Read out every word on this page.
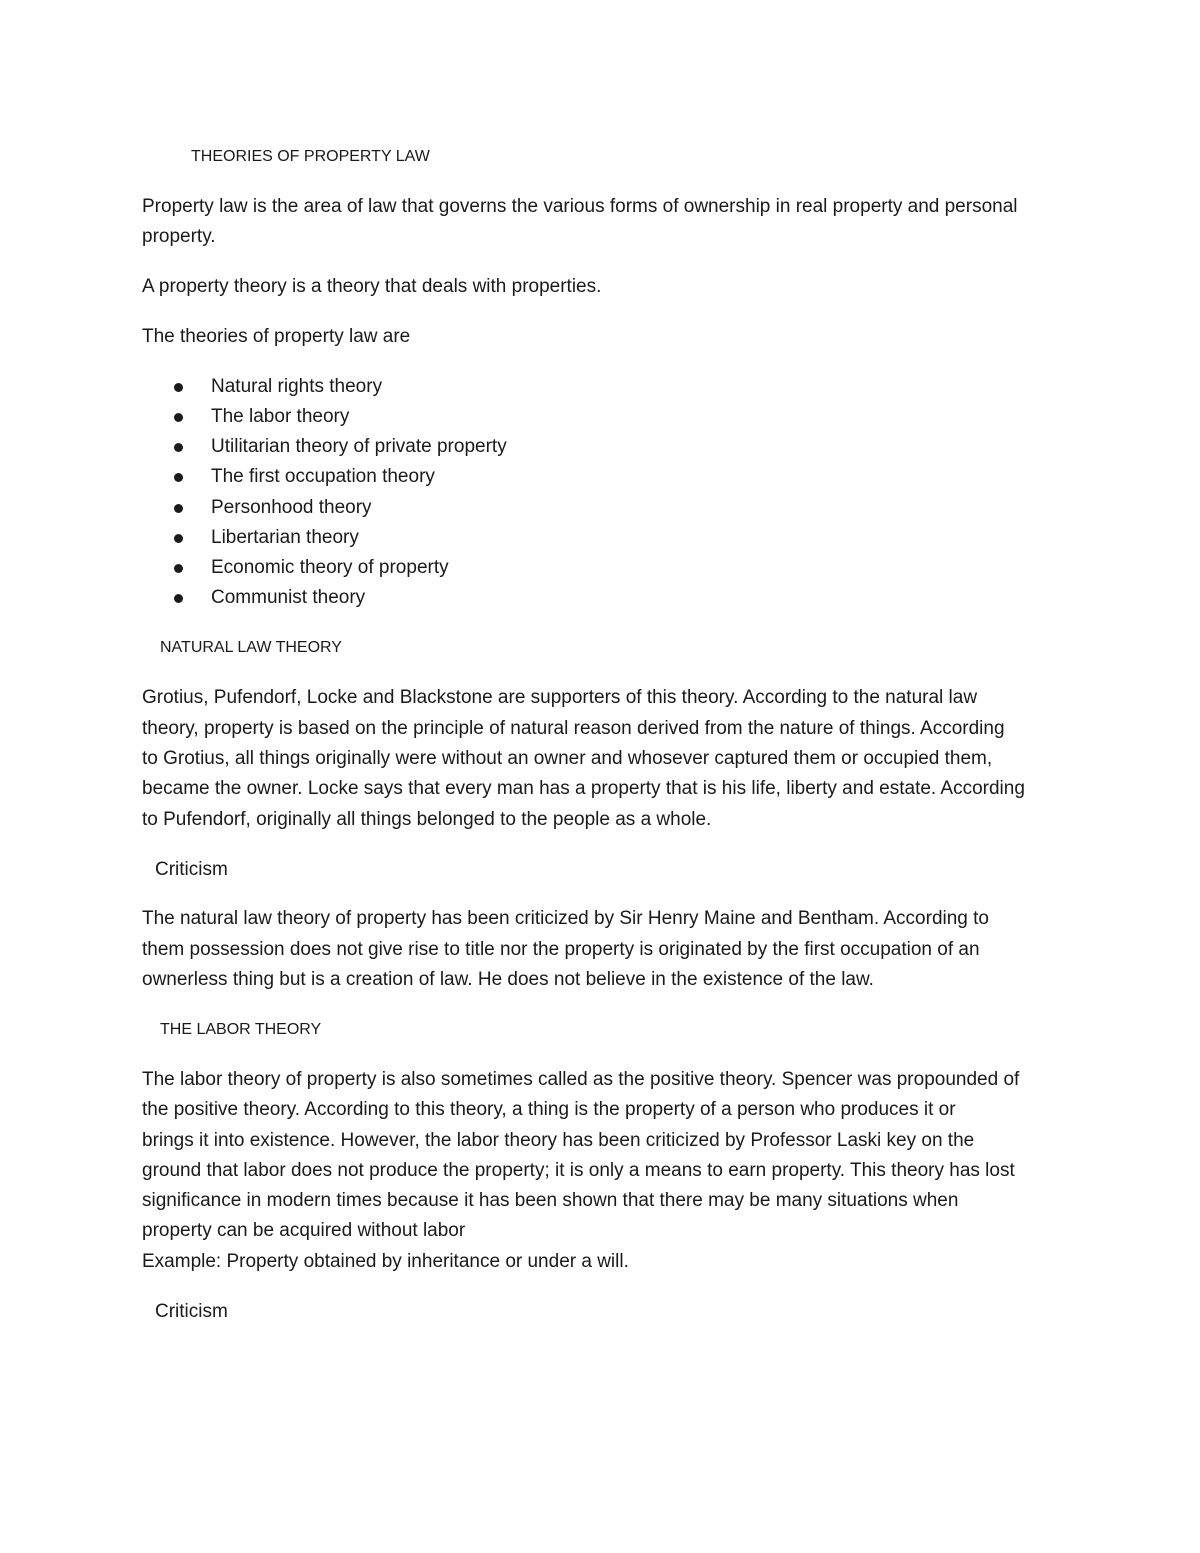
THEORIES OF PROPERTY LAW

Property law is the area of law that governs the various forms of ownership in real property and personal

property.

A property theory is a theory that deals with properties.

The theories of property law are

Natural rights theory
The labor theory
Utilitarian theory of private property
The first occupation theory
Personhood theory
Libertarian theory
Economic theory of property
Communist theory

NATURAL LAW THEORY

Grotius, Pufendorf, Locke and Blackstone are supporters of this theory. According to the natural law

theory, property is based on the principle of natural reason derived from the nature of things. According

to Grotius, all things originally were without an owner and whosever captured them or occupied them,

became the owner. Locke says that every man has a property that is his life, liberty and estate. According

to Pufendorf, originally all things belonged to the people as a whole.

Criticism

The natural law theory of property has been criticized by Sir Henry Maine and Bentham. According to

them possession does not give rise to title nor the property is originated by the first occupation of an

ownerless thing but is a creation of law. He does not believe in the existence of the law.

THE LABOR THEORY

The labor theory of property is also sometimes called as the positive theory. Spencer was propounded of

the positive theory. According to this theory, a thing is the property of a person who produces it or

brings it into existence. However, the labor theory has been criticized by Professor Laski key on the

ground that labor does not produce the property; it is only a means to earn property. This theory has lost

significance in modern times because it has been shown that there may be many situations when

property can be acquired without labor

Example: Property obtained by inheritance or under a will.

Criticism
